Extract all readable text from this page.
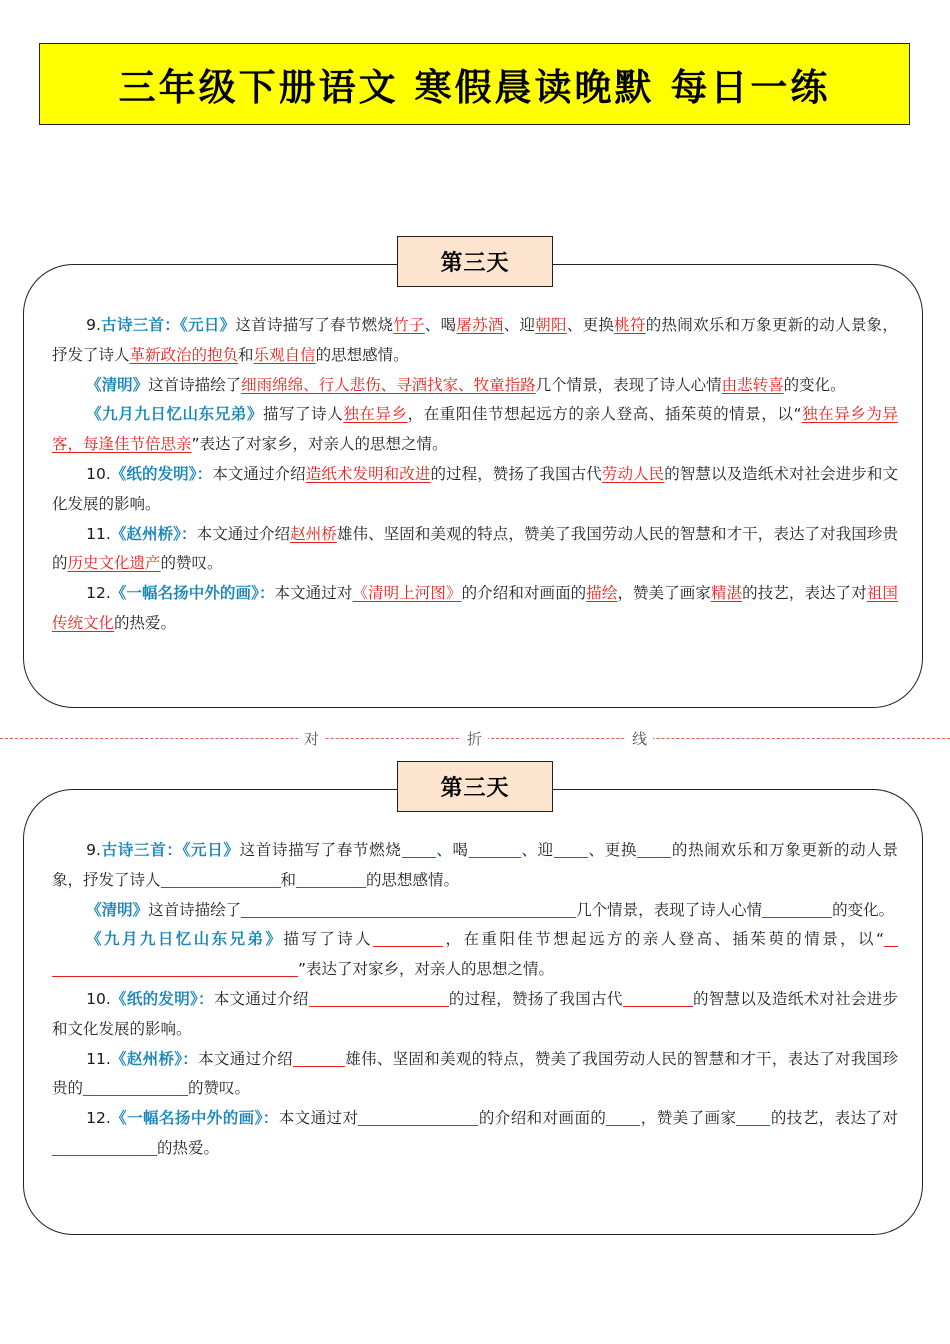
三年级下册语文 寒假晨读晚默 每日一练
第三天

9.古诗三首：《元日》这首诗描写了春节燃烧竹子、喝屠苏酒、迎朝阳、更换桃符的热闹欢乐和万象更新的动人景象，抒发了诗人革新政治的抱负和乐观自信的思想感情。

《清明》这首诗描绘了细雨绵绵、行人悲伤、寻酒找家、牧童指路几个情景，表现了诗人心情由悲转喜的变化。

《九月九日忆山东兄弟》描写了诗人独在异乡，在重阳佳节想起远方的亲人登高、插茱萸的情景，以“独在异乡为异客，每逢佳节倍思亲”表达了对家乡，对亲人的思想之情。

10.《纸的发明》：本文通过介绍造纸术发明和改进的过程，赞扬了我国古代劳动人民的智慧以及造纸术对社会进步和文化发展的影响。

11.《赵州桥》：本文通过介绍赵州桥雄伟、坚固和美观的特点，赞美了我国劳动人民的智慧和才干，表达了对我国珍贵的历史文化遗产的赞叹。

12.《一幅名扬中外的画》：本文通过对《清明上河图》的介绍和对画面的描绘，赞美了画家精湛的技艺，表达了对祖国传统文化的热爱。

对	折	线
第三天

9.古诗三首：《元日》这首诗描写了春节燃烧 、喝	、迎 、更换 的热闹欢乐和万象更新的动人景象，抒发了诗人	和	的思想感情。

《清明》这首诗描绘了	几个情景，表现了诗人心情	的变化。

《九月九日忆山东兄弟》描写了诗人	，在重阳佳节想起远方的亲人登高、插茱萸的情景，以“”表达了对家乡，对亲人的思想之情。

10.《纸的发明》：本文通过介绍	的过程，赞扬了我国古代	的智慧以及造纸术对社会进步和文化发展的影响。

11.《赵州桥》：本文通过介绍	雄伟、坚固和美观的特点，赞美了我国劳动人民的智慧和才干，表达了对我国珍贵的	的赞叹。

12.《一幅名扬中外的画》：本文通过对	的介绍和对画面的 ，赞美了画家 的技艺，表达了对的热爱。
